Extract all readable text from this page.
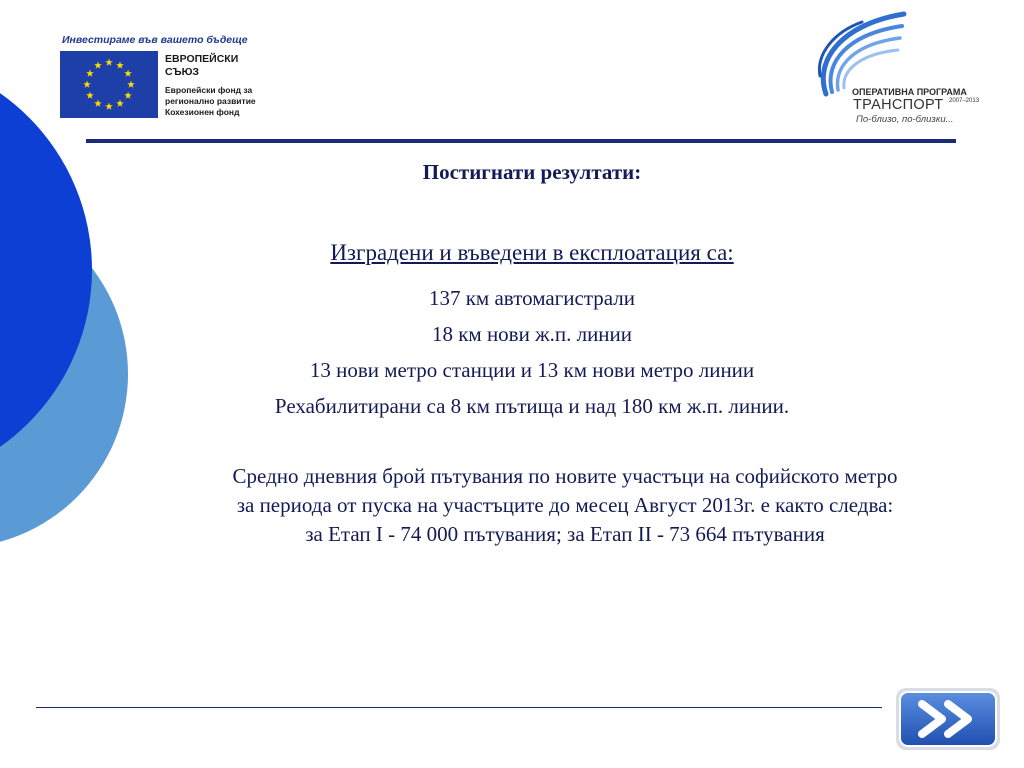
Инвестираме във вашето бъдеще
ЕВРОПЕЙСКИ
СЪЮЗ
Европейски фонд за
регионално развитие
Кохезионен фонд
ОПЕРАТИВНА ПРОГРАМА
ТРАНСПОРТ 2007–2013
По-близо, по-близки...
Постигнати резултати:
Изградени и въведени в експлоатация са:
137 км автомагистрали
18 км нови ж.п. линии
13 нови метро станции и 13 км нови метро линии
Рехабилитирани са 8 км пътища и над 180 км ж.п. линии.
Средно дневния брой пътувания по новите участъци на софийското метро
за периода от пуска на участъците до месец Август 2013г. е както следва:
за Етап I - 74 000 пътувания; за Етап II - 73 664 пътувания
